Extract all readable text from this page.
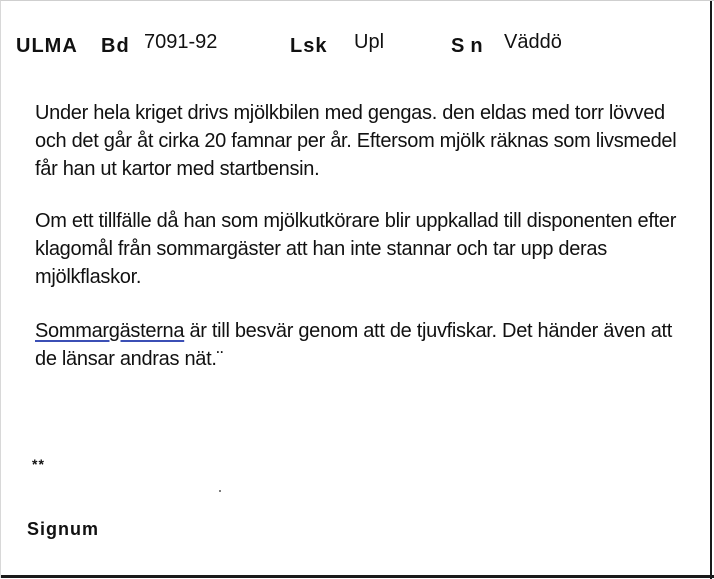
ULMA Bd 7091-92	Lsk Upl	Sn Väddö

Under hela kriget drivs mjölkbilen med gengas. den eldas med torr lövved och det går åt cirka 20 famnar per år. Eftersom mjölk räknas som livsmedel får han ut kartor med startbensin.

Om ett tillfälle då han som mjölkutkörare blir uppkallad till disponenten efter klagomål från sommargäster att han inte stannar och tar upp deras mjölkflaskor.

Sommargästerna är till besvär genom att de tjuvfiskar. Det händer även att de länsar andras nät.¨

**
Signum
